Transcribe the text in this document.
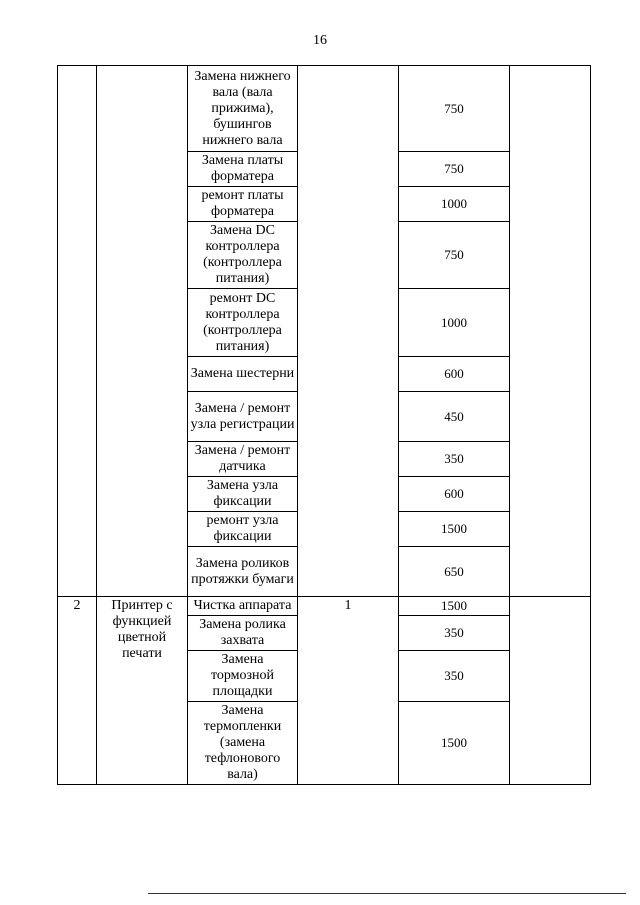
16
		Замена нижнего вала (вала прижима), бушингов нижнего вала		750	
		Замена платы форматера		750	
		ремонт платы форматера		1000	
		Замена DC контроллера (контроллера питания)		750	
		ремонт DC контроллера (контроллера питания)		1000	
		Замена шестерни		600	
		Замена / ремонт узла регистрации		450	
		Замена / ремонт датчика		350	
		Замена узла фиксации		600	
		ремонт узла фиксации		1500	
		Замена роликов протяжки бумаги		650	
2	Принтер с функцией цветной печати	Чистка аппарата	1	1500	
		Замена ролика захвата		350	
		Замена тормозной площадки		350	
		Замена термопленки (замена тефлонового вала)		1500	
